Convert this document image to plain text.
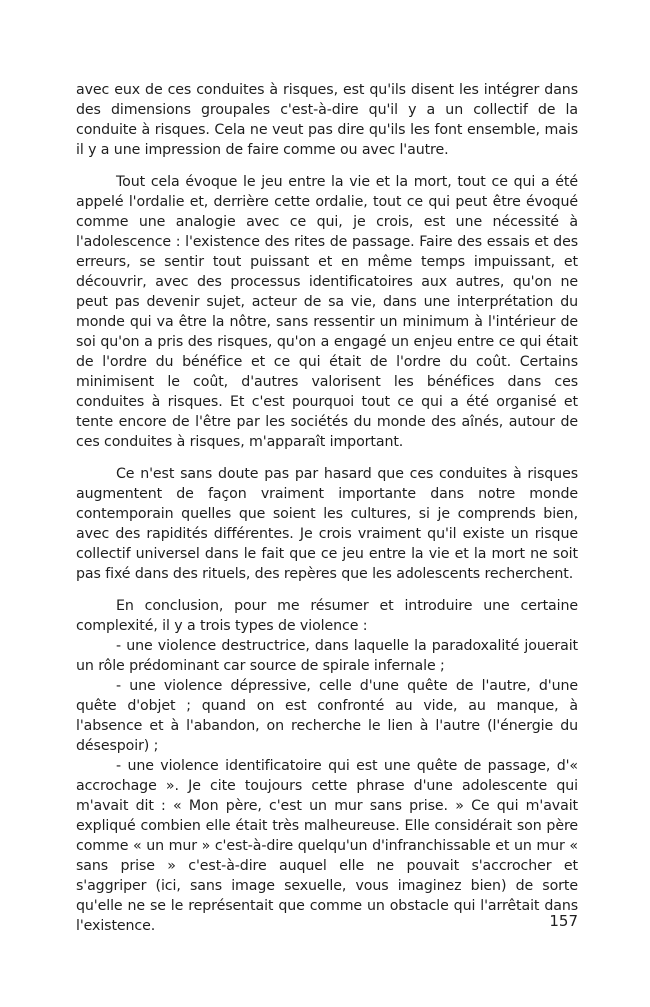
avec eux de ces conduites à risques, est qu'ils disent les intégrer dans des dimensions groupales c'est-à-dire qu'il y a un collectif de la conduite à risques. Cela ne veut pas dire qu'ils les font ensemble, mais il y a une impression de faire comme ou avec l'autre.

Tout cela évoque le jeu entre la vie et la mort, tout ce qui a été appelé l'ordalie et, derrière cette ordalie, tout ce qui peut être évoqué comme une analogie avec ce qui, je crois, est une nécessité à l'adolescence : l'existence des rites de passage. Faire des essais et des erreurs, se sentir tout puissant et en même temps impuissant, et découvrir, avec des processus identificatoires aux autres, qu'on ne peut pas devenir sujet, acteur de sa vie, dans une interprétation du monde qui va être la nôtre, sans ressentir un minimum à l'intérieur de soi qu'on a pris des risques, qu'on a engagé un enjeu entre ce qui était de l'ordre du bénéfice et ce qui était de l'ordre du coût. Certains minimisent le coût, d'autres valorisent les bénéfices dans ces conduites à risques. Et c'est pourquoi tout ce qui a été organisé et tente encore de l'être par les sociétés du monde des aînés, autour de ces conduites à risques, m'apparaît important.

Ce n'est sans doute pas par hasard que ces conduites à risques augmentent de façon vraiment importante dans notre monde contemporain quelles que soient les cultures, si je comprends bien, avec des rapidités différentes. Je crois vraiment qu'il existe un risque collectif universel dans le fait que ce jeu entre la vie et la mort ne soit pas fixé dans des rituels, des repères que les adolescents recherchent.

En conclusion, pour me résumer et introduire une certaine complexité, il y a trois types de violence :

- une violence destructrice, dans laquelle la paradoxalité jouerait un rôle prédominant car source de spirale infernale ;

- une violence dépressive, celle d'une quête de l'autre, d'une quête d'objet ; quand on est confronté au vide, au manque, à l'absence et à l'abandon, on recherche le lien à l'autre (l'énergie du désespoir) ;

- une violence identificatoire qui est une quête de passage, d'« accrochage ». Je cite toujours cette phrase d'une adolescente qui m'avait dit : « Mon père, c'est un mur sans prise. » Ce qui m'avait expliqué combien elle était très malheureuse. Elle considérait son père comme « un mur » c'est-à-dire quelqu'un d'infranchissable et un mur « sans prise » c'est-à-dire auquel elle ne pouvait s'accrocher et s'aggriper (ici, sans image sexuelle, vous imaginez bien) de sorte qu'elle ne se le représentait que comme un obstacle qui l'arrêtait dans l'existence.	157
